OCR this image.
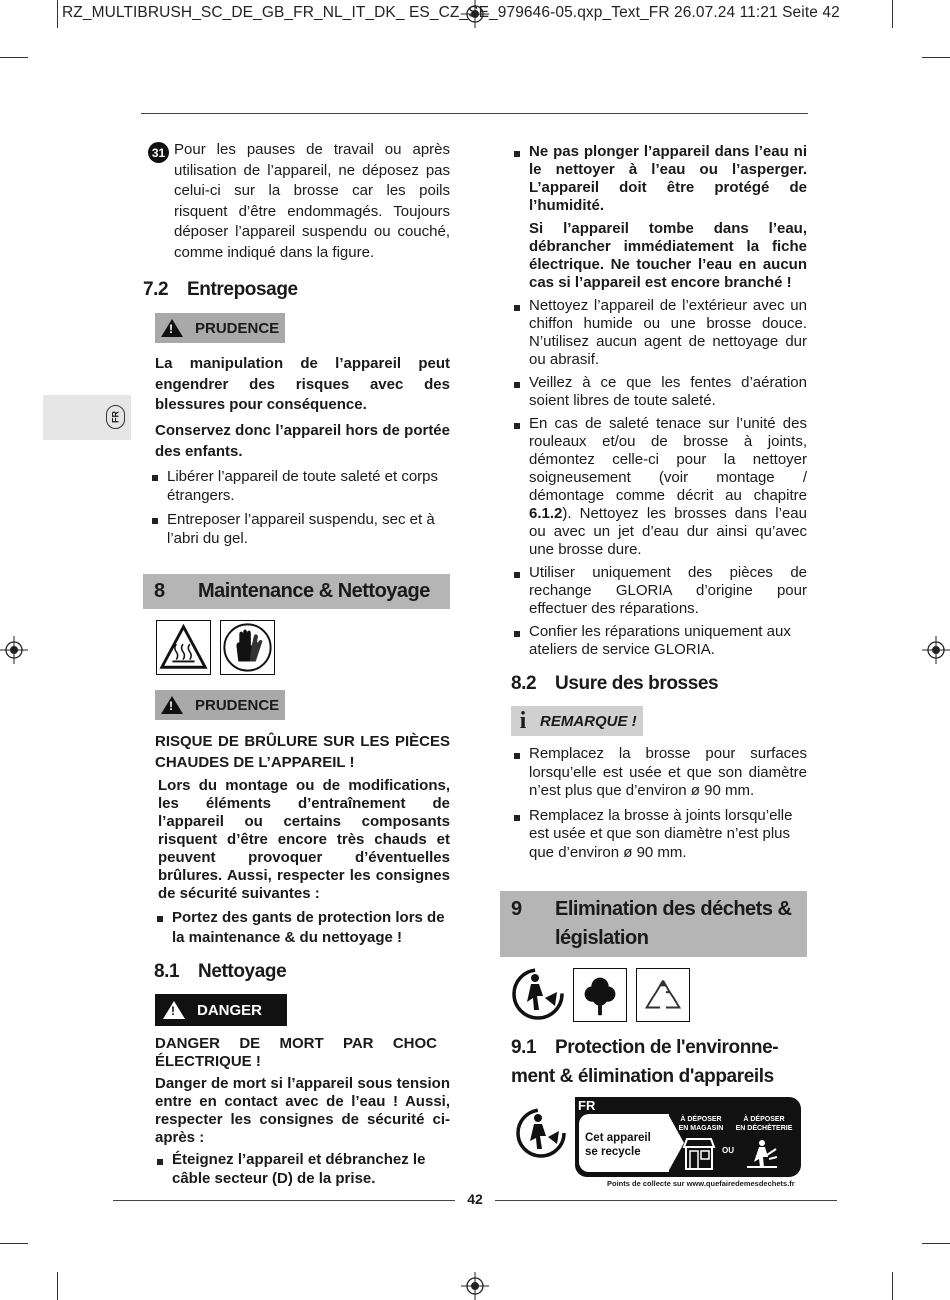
RZ_MULTIBRUSH_SC_DE_GB_FR_NL_IT_DK_ ES_CZ_SE_979646-05.qxp_Text_FR 26.07.24 11:21 Seite 42
FR
31 Pour les pauses de travail ou après utilisation de l’appareil, ne déposez pas celui-ci sur la brosse car les poils risquent d’être endommagés. Toujours déposer l’appareil suspendu ou couché, comme indiqué dans la figure.
7.2 Entreposage
!
PRUDENCE
La manipulation de l’appareil peut engendrer des risques avec des blessures pour conséquence.
Conservez donc l’appareil hors de portée des enfants.
Libérer l’appareil de toute saleté et corps étrangers.
Entreposer l’appareil suspendu, sec et à l’abri du gel.
8 Maintenance & Nettoyage
!
PRUDENCE
RISQUE DE BRÛLURE SUR LES PIÈCES CHAUDES DE L’APPAREIL !
Lors du montage ou de modifications, les éléments d’entraînement de l’appareil ou certains composants risquent d’être encore très chauds et peuvent provoquer d’éventuelles brûlures. Aussi, respecter les consignes de sécurité suivantes :
Portez des gants de protection lors de la maintenance & du nettoyage !
8.1 Nettoyage
!
DANGER
DANGER DE MORT PAR CHOC ÉLECTRIQUE !
Danger de mort si l’appareil sous tension entre en contact avec de l’eau ! Aussi, respecter les consignes de sécurité ci-après :
Éteignez l’appareil et débranchez le câble secteur (D) de la prise.

Ne pas plonger l’appareil dans l’eau ni le nettoyer à l’eau ou l’asperger. L’appareil doit être protégé de l’humidité.

Si l’appareil tombe dans l’eau, débrancher immédiatement la fiche électrique. Ne toucher l’eau en aucun cas si l’appareil est encore branché !

Nettoyez l’appareil de l’extérieur avec un chiffon humide ou une brosse douce. N’utilisez aucun agent de nettoyage dur ou abrasif.
Veillez à ce que les fentes d’aération soient libres de toute saleté.
En cas de saleté tenace sur l’unité des rouleaux et/ou de brosse à joints, démontez celle-ci pour la nettoyer soigneusement (voir montage / démontage comme décrit au chapitre 6.1.2). Nettoyez les brosses dans l’eau ou avec un jet d’eau dur ainsi qu’avec une brosse dure.
Utiliser uniquement des pièces de rechange GLORIA d’origine pour effectuer des réparations.
Confier les réparations uniquement aux ateliers de service GLORIA.
8.2 Usure des brosses
i REMARQUE !
Remplacez la brosse pour surfaces lorsqu’elle est usée et que son diamètre n’est plus que d’environ ø 90 mm.
Remplacez la brosse à joints lorsqu’elle est usée et que son diamètre n’est plus que d’environ ø 90 mm.
9 Elimination des déchets &
législation
9.1 Protection de l'environne-
ment & élimination d'appareils
FR
Cet appareil
se recycle
À DÉPOSER
EN MAGASIN
OU
À DÉPOSER
EN DÉCHÈTERIE
Points de collecte sur www.quefairedemesdechets.fr
42
